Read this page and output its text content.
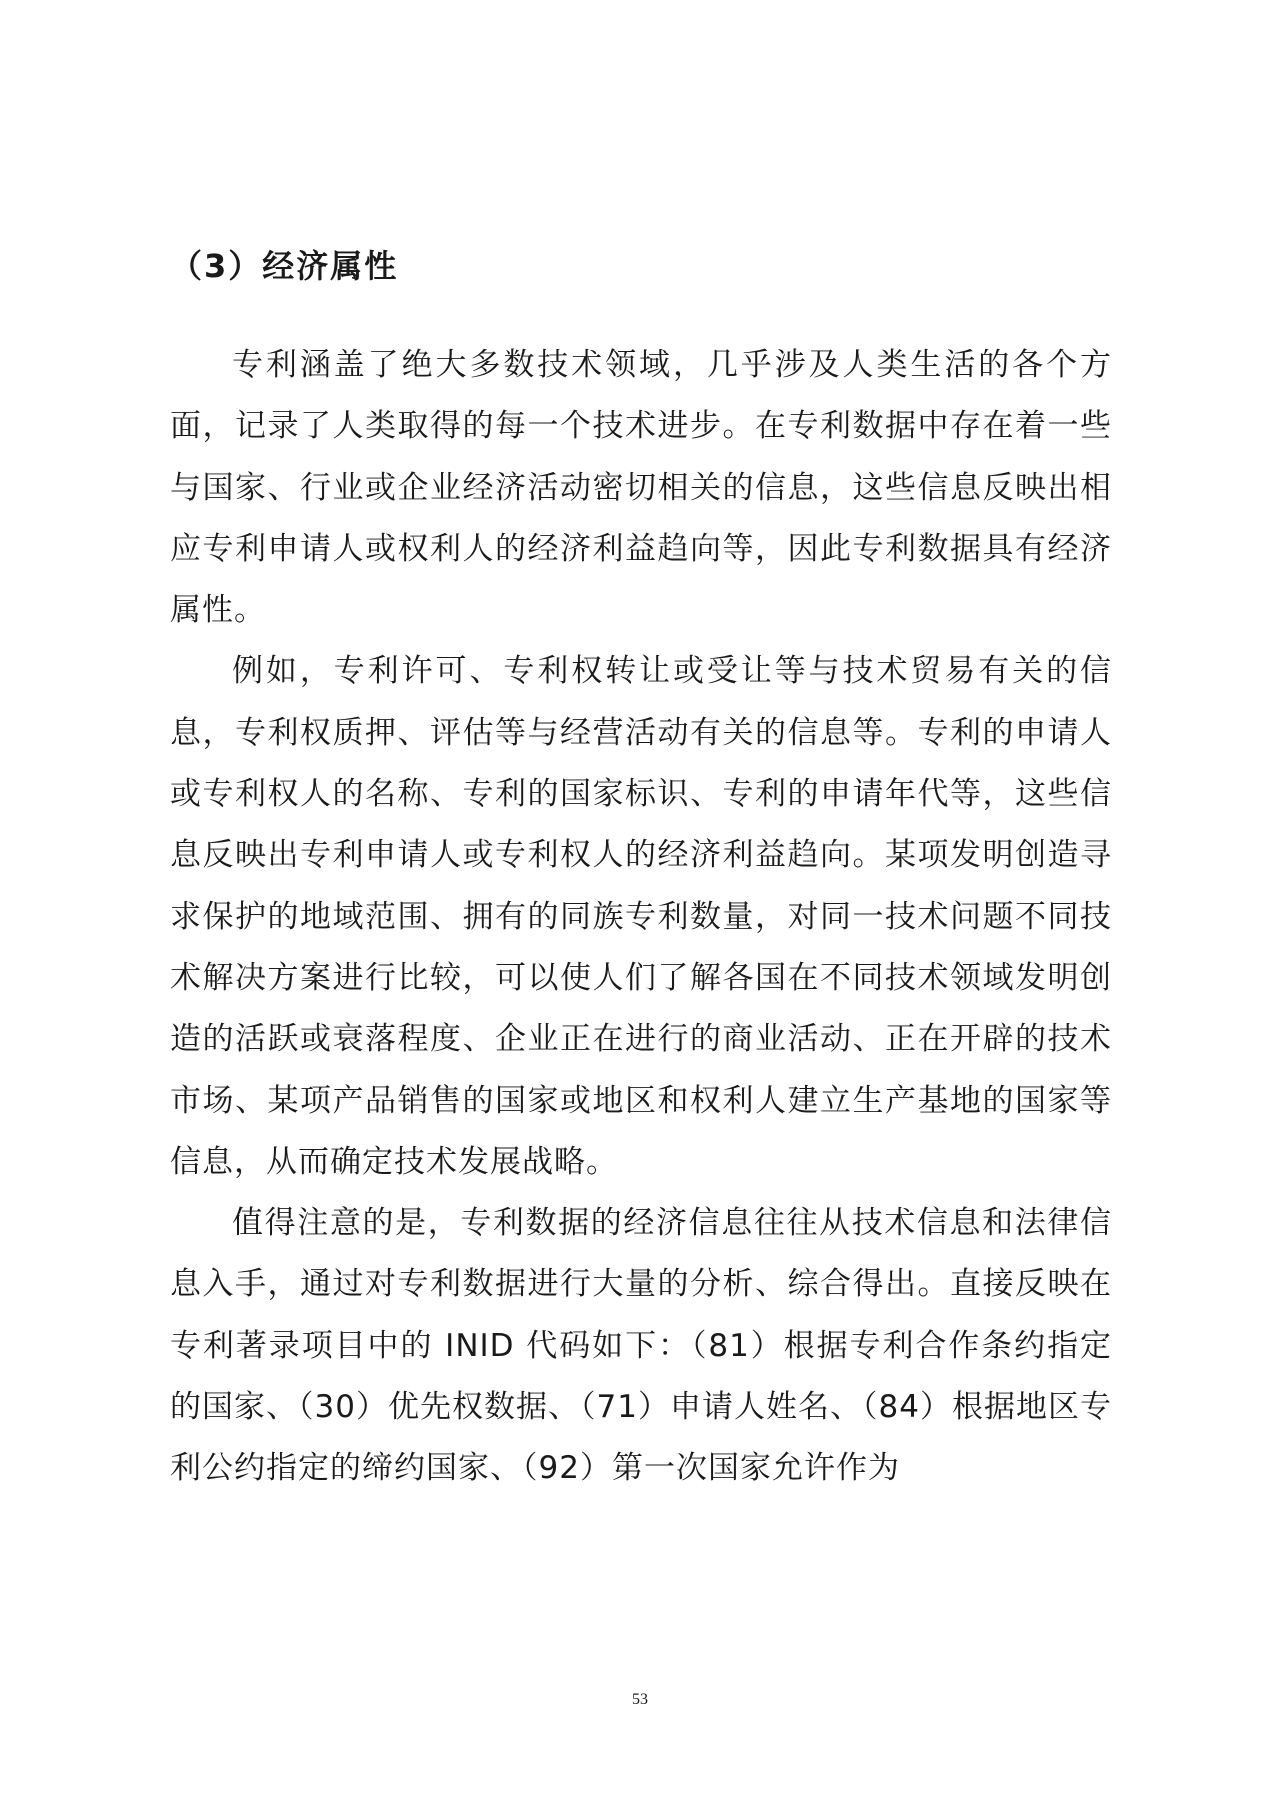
（3）经济属性

专利涵盖了绝大多数技术领域，几乎涉及人类生活的各个方面，记录了人类取得的每一个技术进步。在专利数据中存在着一些与国家、行业或企业经济活动密切相关的信息，这些信息反映出相应专利申请人或权利人的经济利益趋向等，因此专利数据具有经济属性。

例如，专利许可、专利权转让或受让等与技术贸易有关的信息，专利权质押、评估等与经营活动有关的信息等。专利的申请人或专利权人的名称、专利的国家标识、专利的申请年代等，这些信息反映出专利申请人或专利权人的经济利益趋向。某项发明创造寻求保护的地域范围、拥有的同族专利数量，对同一技术问题不同技术解决方案进行比较，可以使人们了解各国在不同技术领域发明创造的活跃或衰落程度、企业正在进行的商业活动、正在开辟的技术市场、某项产品销售的国家或地区和权利人建立生产基地的国家等信息，从而确定技术发展战略。

值得注意的是，专利数据的经济信息往往从技术信息和法律信息入手，通过对专利数据进行大量的分析、综合得出。直接反映在专利著录项目中的 INID 代码如下：（81）根据专利合作条约指定的国家、（30）优先权数据、（71）申请人姓名、（84）根据地区专利公约指定的缔约国家、（92）第一次国家允许作为

53
